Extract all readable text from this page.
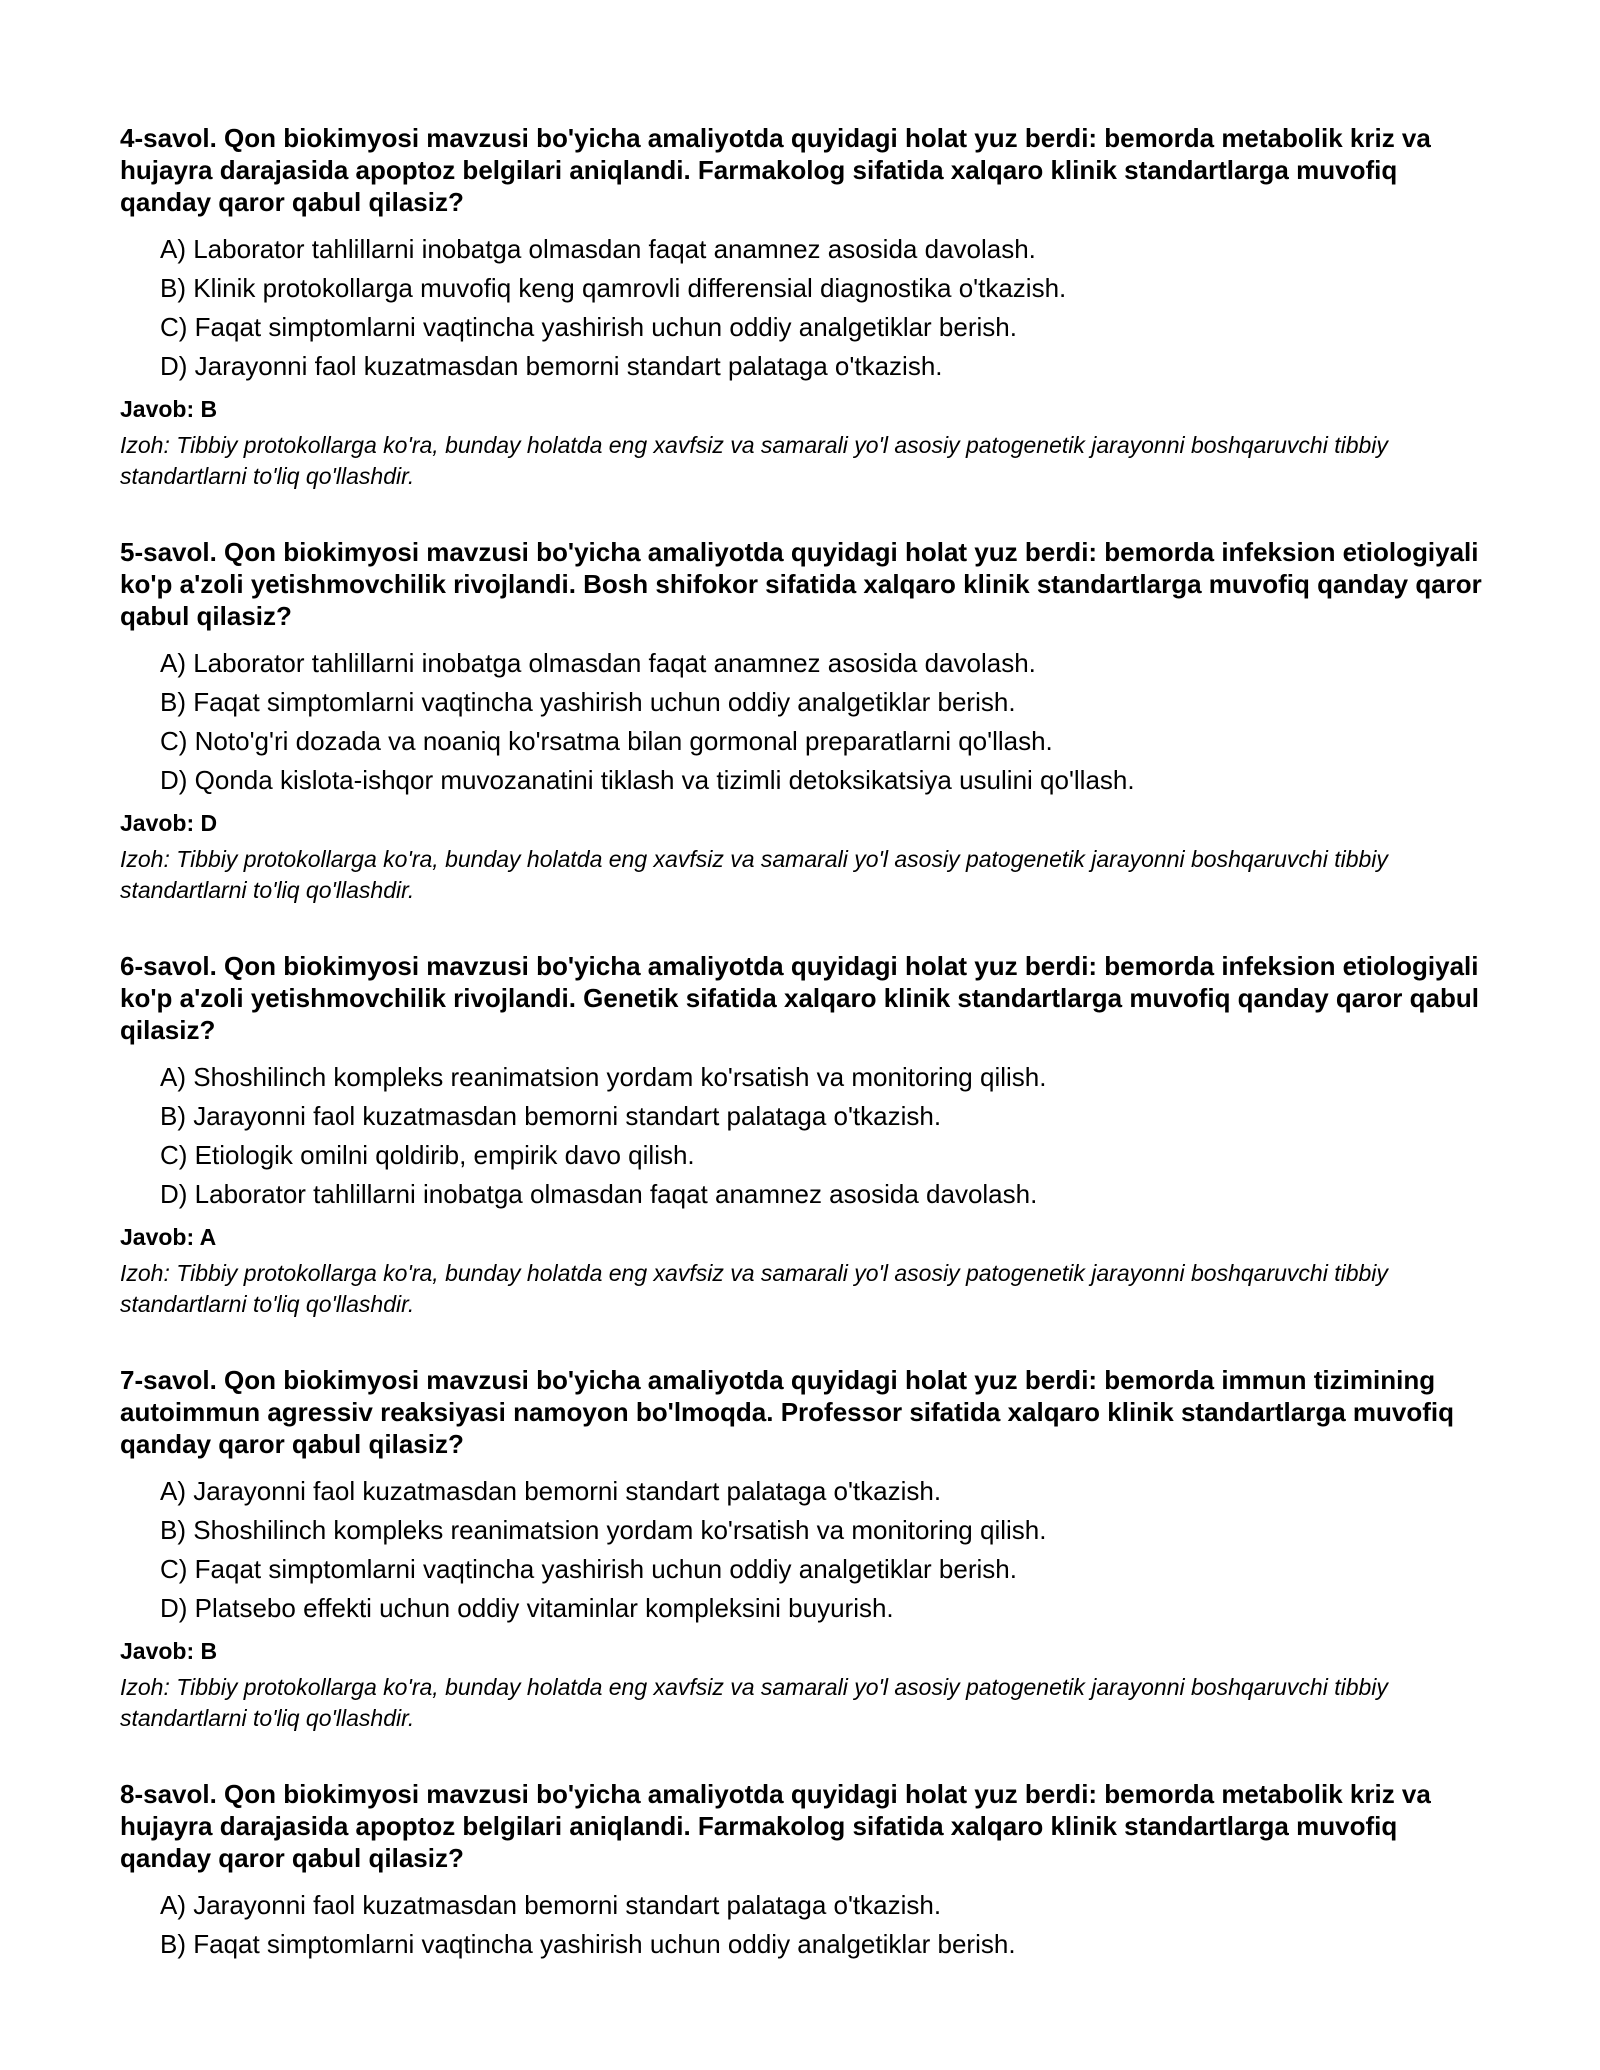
4-savol. Qon biokimyosi mavzusi bo'yicha amaliyotda quyidagi holat yuz berdi: bemorda metabolik kriz va hujayra darajasida apoptoz belgilari aniqlandi. Farmakolog sifatida xalqaro klinik standartlarga muvofiq qanday qaror qabul qilasiz?
A) Laborator tahlillarni inobatga olmasdan faqat anamnez asosida davolash.
B) Klinik protokollarga muvofiq keng qamrovli differensial diagnostika o'tkazish.
C) Faqat simptomlarni vaqtincha yashirish uchun oddiy analgetiklar berish.
D) Jarayonni faol kuzatmasdan bemorni standart palataga o'tkazish.
Javob: B
Izoh: Tibbiy protokollarga ko'ra, bunday holatda eng xavfsiz va samarali yo'l asosiy patogenetik jarayonni boshqaruvchi tibbiy standartlarni to'liq qo'llashdir.
5-savol. Qon biokimyosi mavzusi bo'yicha amaliyotda quyidagi holat yuz berdi: bemorda infeksion etiologiyali ko'p a'zoli yetishmovchilik rivojlandi. Bosh shifokor sifatida xalqaro klinik standartlarga muvofiq qanday qaror qabul qilasiz?
A) Laborator tahlillarni inobatga olmasdan faqat anamnez asosida davolash.
B) Faqat simptomlarni vaqtincha yashirish uchun oddiy analgetiklar berish.
C) Noto'g'ri dozada va noaniq ko'rsatma bilan gormonal preparatlarni qo'llash.
D) Qonda kislota-ishqor muvozanatini tiklash va tizimli detoksikatsiya usulini qo'llash.
Javob: D
Izoh: Tibbiy protokollarga ko'ra, bunday holatda eng xavfsiz va samarali yo'l asosiy patogenetik jarayonni boshqaruvchi tibbiy standartlarni to'liq qo'llashdir.
6-savol. Qon biokimyosi mavzusi bo'yicha amaliyotda quyidagi holat yuz berdi: bemorda infeksion etiologiyali ko'p a'zoli yetishmovchilik rivojlandi. Genetik sifatida xalqaro klinik standartlarga muvofiq qanday qaror qabul qilasiz?
A) Shoshilinch kompleks reanimatsion yordam ko'rsatish va monitoring qilish.
B) Jarayonni faol kuzatmasdan bemorni standart palataga o'tkazish.
C) Etiologik omilni qoldirib, empirik davo qilish.
D) Laborator tahlillarni inobatga olmasdan faqat anamnez asosida davolash.
Javob: A
Izoh: Tibbiy protokollarga ko'ra, bunday holatda eng xavfsiz va samarali yo'l asosiy patogenetik jarayonni boshqaruvchi tibbiy standartlarni to'liq qo'llashdir.
7-savol. Qon biokimyosi mavzusi bo'yicha amaliyotda quyidagi holat yuz berdi: bemorda immun tizimining autoimmun agressiv reaksiyasi namoyon bo'lmoqda. Professor sifatida xalqaro klinik standartlarga muvofiq qanday qaror qabul qilasiz?
A) Jarayonni faol kuzatmasdan bemorni standart palataga o'tkazish.
B) Shoshilinch kompleks reanimatsion yordam ko'rsatish va monitoring qilish.
C) Faqat simptomlarni vaqtincha yashirish uchun oddiy analgetiklar berish.
D) Platsebo effekti uchun oddiy vitaminlar kompleksini buyurish.
Javob: B
Izoh: Tibbiy protokollarga ko'ra, bunday holatda eng xavfsiz va samarali yo'l asosiy patogenetik jarayonni boshqaruvchi tibbiy standartlarni to'liq qo'llashdir.
8-savol. Qon biokimyosi mavzusi bo'yicha amaliyotda quyidagi holat yuz berdi: bemorda metabolik kriz va hujayra darajasida apoptoz belgilari aniqlandi. Farmakolog sifatida xalqaro klinik standartlarga muvofiq qanday qaror qabul qilasiz?
A) Jarayonni faol kuzatmasdan bemorni standart palataga o'tkazish.
B) Faqat simptomlarni vaqtincha yashirish uchun oddiy analgetiklar berish.
